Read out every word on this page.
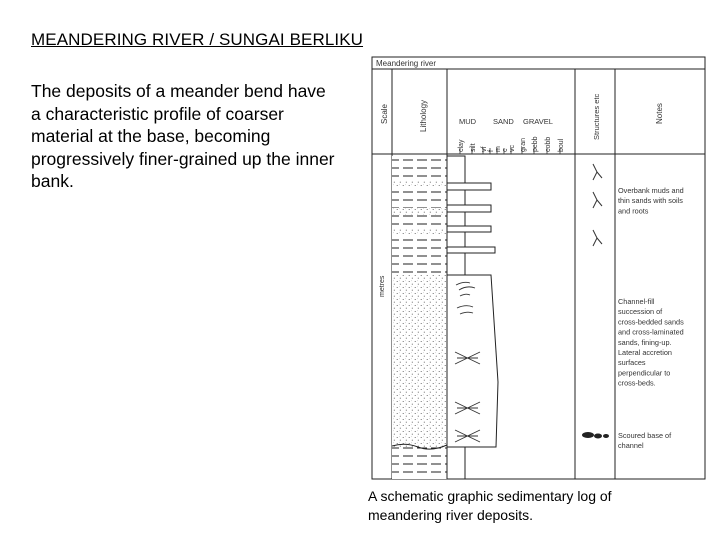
MEANDERING RIVER / SUNGAI BERLIKU
The deposits of a meander bend have a characteristic profile of coarser material at the base, becoming progressively finer-grained up the inner bank.
Meandering river
Scale	Lithology	Structures etc	Notes
MUD SAND GRAVEL
clay silt vf f m c vc gran pebb cobb boul
metres
Overbank muds and
thin sands with soils
and roots
Channel-fill
succession of
cross-bedded sands
and cross-laminated
sands, fining-up.
Lateral accretion
surfaces
perpendicular to
cross-beds.
Scoured base of
channel
A schematic graphic sedimentary log of meandering river deposits.
